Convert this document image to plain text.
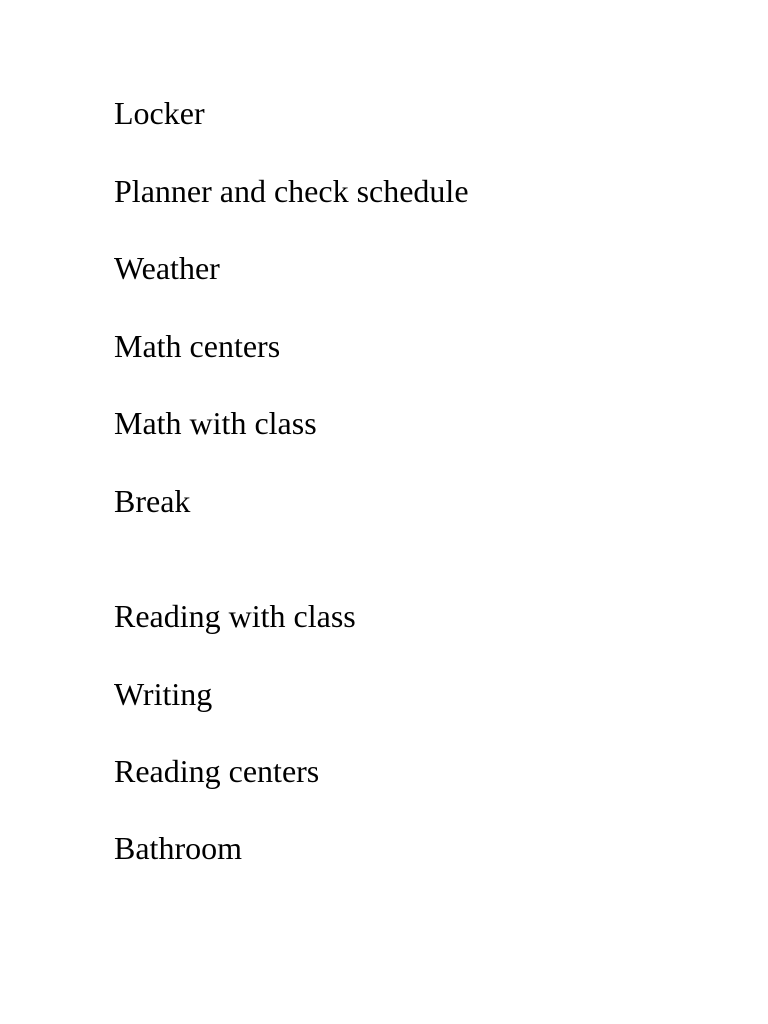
Locker

Planner and check schedule

Weather

Math centers

Math with class

Break

Reading with class

Writing

Reading centers

Bathroom
